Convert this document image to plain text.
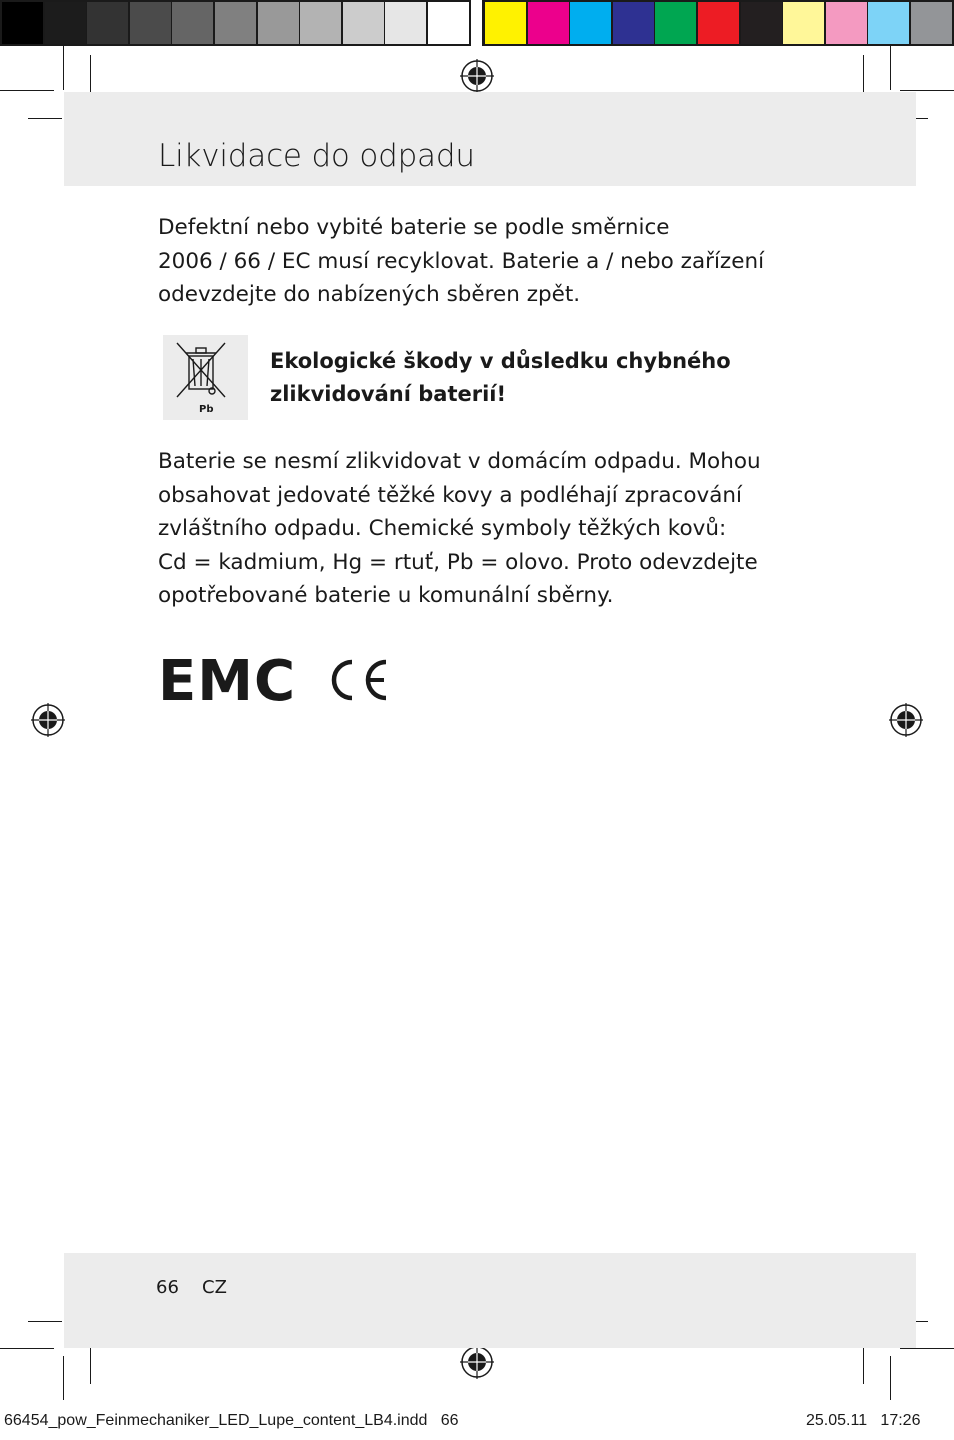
Likvidace do odpadu
Defektní nebo vybité baterie se podle směrnice
2006 / 66 / EC musí recyklovat. Baterie a / nebo zařízení
odevzdejte do nabízených sběren zpět.
Pb
Ekologické škody v důsledku chybného
zlikvidování baterií!
Baterie se nesmí zlikvidovat v domácím odpadu. Mohou
obsahovat jedovaté těžké kovy a podléhají zpracování
zvláštního odpadu. Chemické symboly těžkých kovů:
Cd = kadmium, Hg = rtuť, Pb = olovo. Proto odevzdejte
opotřebované baterie u komunální sběrny.
EMC
66 CZ
66454_pow_Feinmechaniker_LED_Lupe_content_LB4.indd   66	25.05.11   17:26
